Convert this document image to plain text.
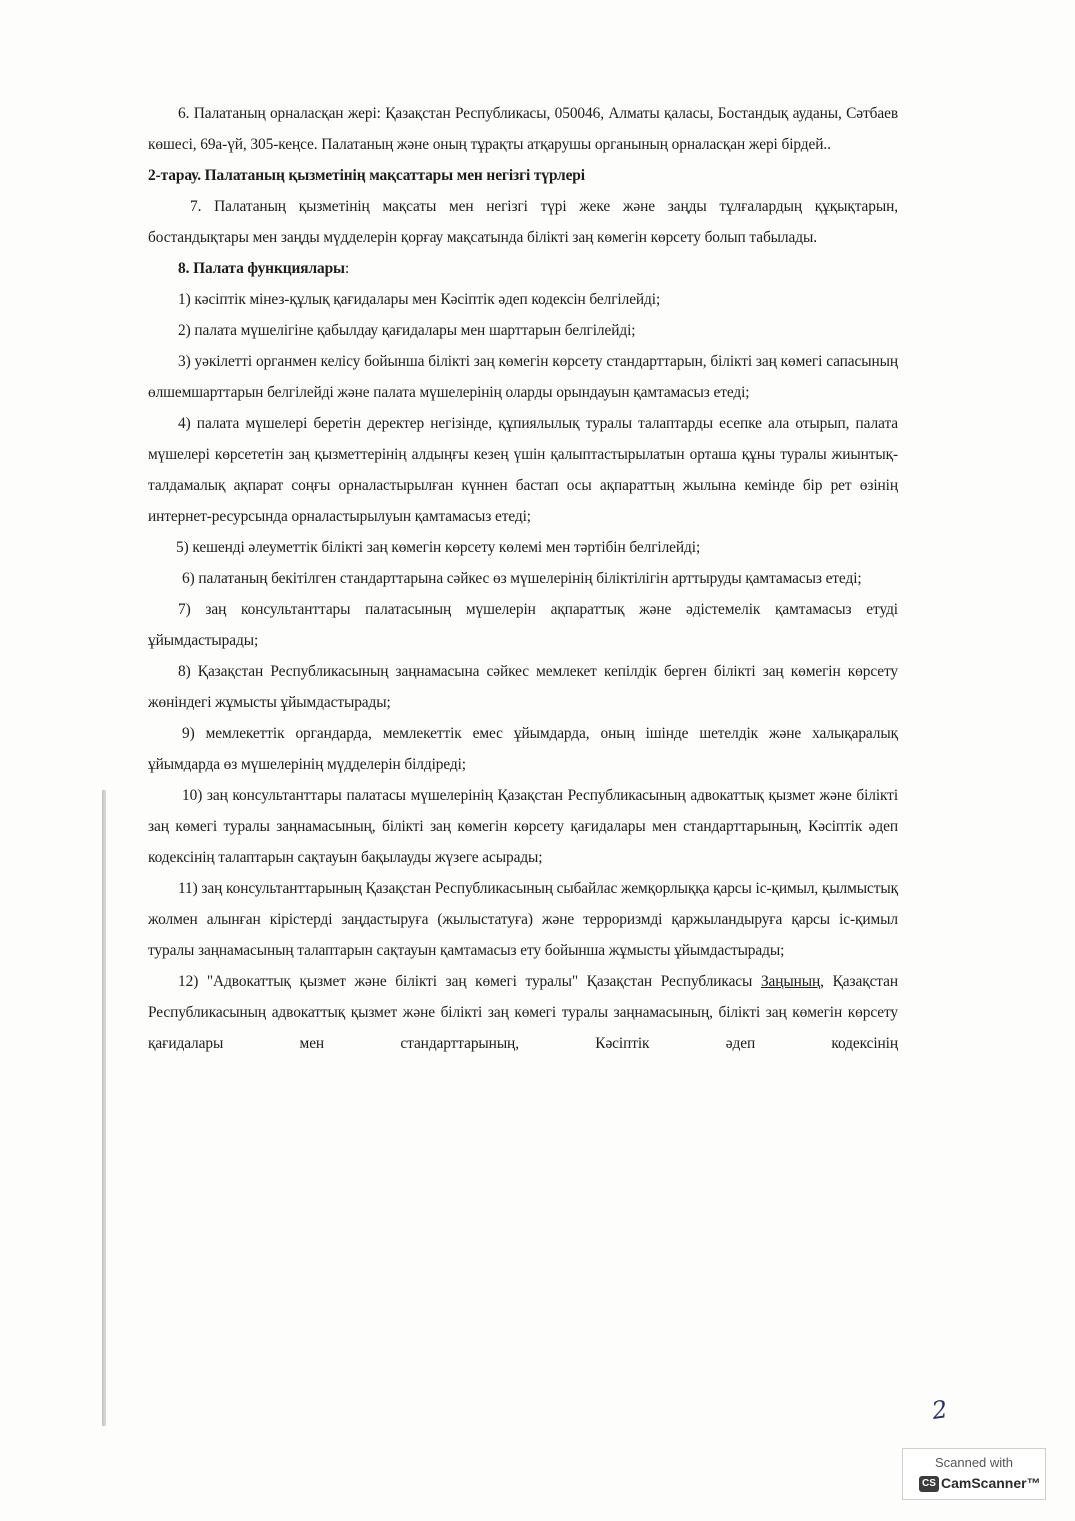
6. Палатаның орналасқан жері: Қазақстан Республикасы, 050046, Алматы қаласы, Бостандық ауданы, Сәтбаев көшесі, 69а-үй, 305-кеңсе. Палатаның және оның тұрақты атқарушы органының орналасқан жері бірдей..

2-тарау. Палатаның қызметінің мақсаттары мен негізгі түрлері

7. Палатаның қызметінің мақсаты мен негізгі түрі жеке және заңды тұлғалардың құқықтарын, бостандықтары мен заңды мүдделерін қорғау мақсатында білікті заң көмегін көрсету болып табылады.

8. Палата функциялары:

1) кәсіптік мінез-құлық қағидалары мен Кәсіптік әдеп кодексін белгілейді;

2) палата мүшелігіне қабылдау қағидалары мен шарттарын белгілейді;

3) уәкілетті органмен келісу бойынша білікті заң көмегін көрсету стандарттарын, білікті заң көмегі сапасының өлшемшарттарын белгілейді және палата мүшелерінің оларды орындауын қамтамасыз етеді;

4) палата мүшелері беретін деректер негізінде, құпиялылық туралы талаптарды есепке ала отырып, палата мүшелері көрсететін заң қызметтерінің алдыңғы кезең үшін қалыптастырылатын орташа құны туралы жиынтық-талдамалық ақпарат соңғы орналастырылған күннен бастап осы ақпараттың жылына кемінде бір рет өзінің интернет-ресурсында орналастырылуын қамтамасыз етеді;

5) кешенді әлеуметтік білікті заң көмегін көрсету көлемі мен тәртібін белгілейді;

6) палатаның бекітілген стандарттарына сәйкес өз мүшелерінің біліктілігін арттыруды қамтамасыз етеді;

7) заң консультанттары палатасының мүшелерін ақпараттық және әдістемелік қамтамасыз етуді ұйымдастырады;

8) Қазақстан Республикасының заңнамасына сәйкес мемлекет кепілдік берген білікті заң көмегін көрсету жөніндегі жұмысты ұйымдастырады;

9) мемлекеттік органдарда, мемлекеттік емес ұйымдарда, оның ішінде шетелдік және халықаралық ұйымдарда өз мүшелерінің мүдделерін білдіреді;

10) заң консультанттары палатасы мүшелерінің Қазақстан Республикасының адвокаттық қызмет және білікті заң көмегі туралы заңнамасының, білікті заң көмегін көрсету қағидалары мен стандарттарының, Кәсіптік әдеп кодексінің талаптарын сақтауын бақылауды жүзеге асырады;

11) заң консультанттарының Қазақстан Республикасының сыбайлас жемқорлыққа қарсы іс-қимыл, қылмыстық жолмен алынған кірістерді заңдастыруға (жылыстатуға) және терроризмді қаржыландыруға қарсы іс-қимыл туралы заңнамасының талаптарын сақтауын қамтамасыз ету бойынша жұмысты ұйымдастырады;

12) "Адвокаттық қызмет және білікті заң көмегі туралы" Қазақстан Республикасы Заңының, Қазақстан Республикасының адвокаттық қызмет және білікті заң көмегі туралы заңнамасының, білікті заң көмегін көрсету қағидалары мен стандарттарының, Кәсіптік әдеп кодексінің

2
Scanned with
CS CamScanner™
